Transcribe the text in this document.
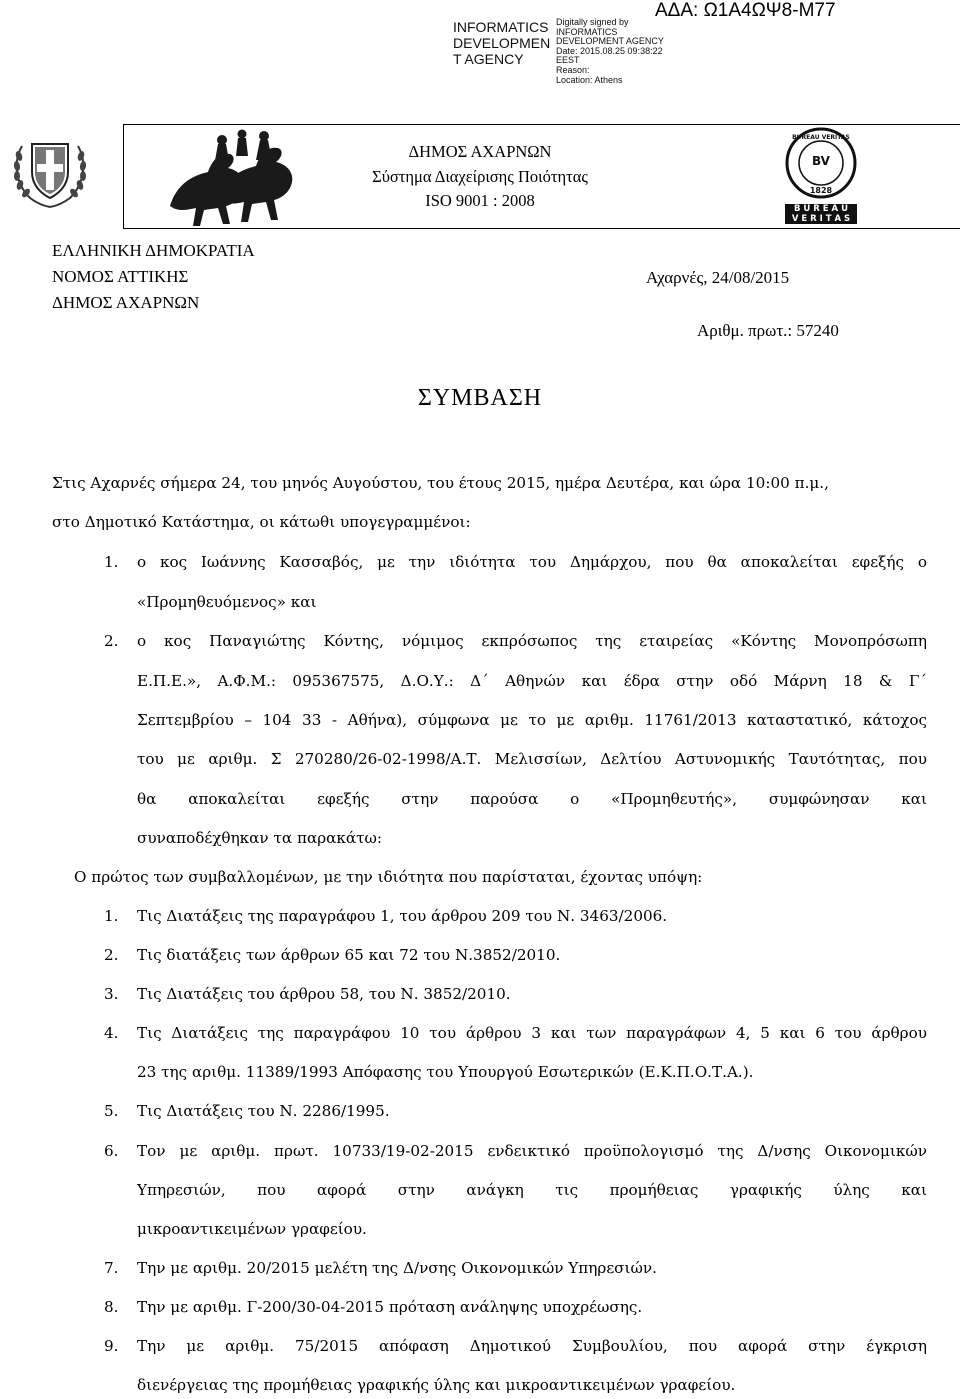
INFORMATICS
DEVELOPMEN
T AGENCY
Digitally signed by
INFORMATICS
DEVELOPMENT AGENCY
Date: 2015.08.25 09:38:22
EEST
Reason:
Location: Athens
ΑΔΑ: Ω1Α4ΩΨ8-Μ77
ΔΗΜΟΣ ΑΧΑΡΝΩΝ
Σύστημα Διαχείρισης Ποιότητας
ISO 9001 : 2008
BV
1828
BUREAU VERITAS
B U R E A U
V E R I T A S
ΕΛΛΗΝΙΚΗ ΔΗΜΟΚΡΑΤΙΑ
ΝΟΜΟΣ ΑΤΤΙΚΗΣ
ΔΗΜΟΣ ΑΧΑΡΝΩΝ
Αχαρνές, 24/08/2015
Αριθμ. πρωτ.: 57240
ΣΥΜΒΑΣΗ
Στις Αχαρνές σήμερα 24, του μηνός Αυγούστου, του έτους 2015, ημέρα Δευτέρα, και ώρα 10:00 π.μ.,
στο Δημοτικό Κατάστημα, οι κάτωθι υπογεγραμμένοι:
1. ο κος Ιωάννης Κασσαβός, με την ιδιότητα του Δημάρχου, που θα αποκαλείται εφεξής ο
«Προμηθευόμενος» και
2. ο κος Παναγιώτης Κόντης, νόμιμος εκπρόσωπος της εταιρείας «Κόντης Μονοπρόσωπη
Ε.Π.Ε.», Α.Φ.Μ.: 095367575, Δ.Ο.Υ.: Δ΄ Αθηνών και έδρα στην οδό Μάρνη 18 & Γ΄
Σεπτεμβρίου – 104 33 - Αθήνα), σύμφωνα με το με αριθμ. 11761/2013 καταστατικό, κάτοχος
του με αριθμ. Σ 270280/26-02-1998/Α.Τ. Μελισσίων, Δελτίου Αστυνομικής Ταυτότητας, που
θα αποκαλείται εφεξής στην παρούσα ο «Προμηθευτής», συμφώνησαν και
συναποδέχθηκαν τα παρακάτω:
Ο πρώτος των συμβαλλομένων, με την ιδιότητα που παρίσταται, έχοντας υπόψη:
1. Τις Διατάξεις της παραγράφου 1, του άρθρου 209 του Ν. 3463/2006.
2. Τις διατάξεις των άρθρων 65 και 72 του Ν.3852/2010.
3. Τις Διατάξεις του άρθρου 58, του Ν. 3852/2010.
4. Τις Διατάξεις της παραγράφου 10 του άρθρου 3 και των παραγράφων 4, 5 και 6 του άρθρου
23 της αριθμ. 11389/1993 Απόφασης του Υπουργού Εσωτερικών (Ε.Κ.Π.Ο.Τ.Α.).
5. Τις Διατάξεις του Ν. 2286/1995.
6. Τον με αριθμ. πρωτ. 10733/19-02-2015 ενδεικτικό προϋπολογισμό της Δ/νσης Οικονομικών
Υπηρεσιών, που αφορά στην ανάγκη τις προμήθειας γραφικής ύλης και
μικροαντικειμένων γραφείου.
7. Την με αριθμ. 20/2015 μελέτη της Δ/νσης Οικονομικών Υπηρεσιών.
8. Την με αριθμ. Γ-200/30-04-2015 πρόταση ανάληψης υποχρέωσης.
9. Την με αριθμ. 75/2015 απόφαση Δημοτικού Συμβουλίου, που αφορά στην έγκριση
διενέργειας της προμήθειας γραφικής ύλης και μικροαντικειμένων γραφείου.
